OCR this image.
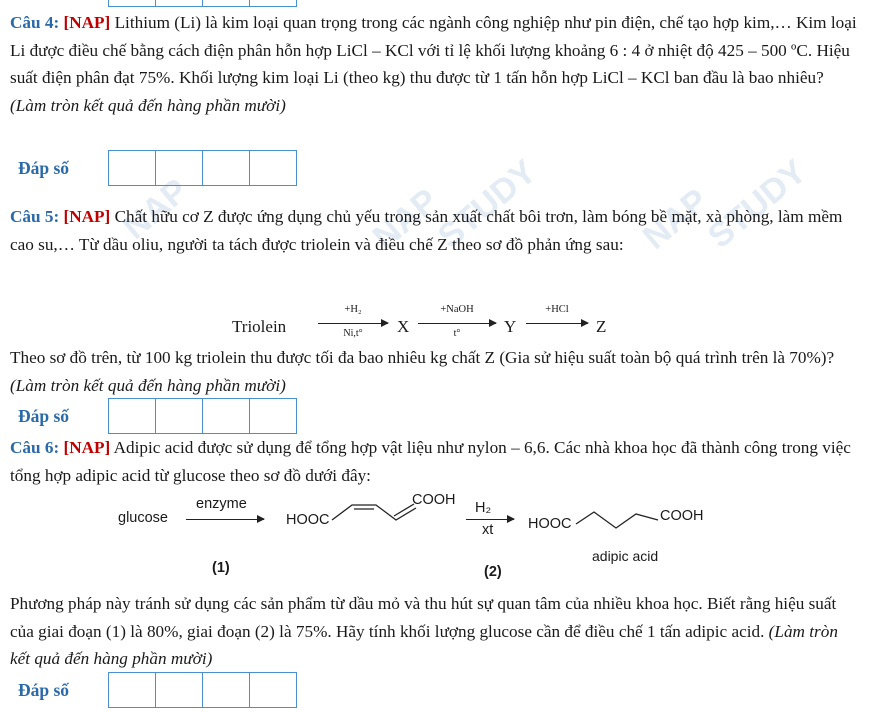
NAP	NAP
STUDY	NAP
STUDY
Câu 4: [NAP] Lithium (Li) là kim loại quan trọng trong các ngành công nghiệp như pin điện, chế tạo hợp kim,… Kim loại Li được điều chế bằng cách điện phân hỗn hợp LiCl – KCl với tỉ lệ khối lượng khoảng 6 : 4 ở nhiệt độ 425 – 500 ºC. Hiệu suất điện phân đạt 75%. Khối lượng kim loại Li (theo kg) thu được từ 1 tấn hỗn hợp LiCl – KCl ban đầu là bao nhiêu? (Làm tròn kết quả đến hàng phần mười)
Đáp số
Câu 5: [NAP] Chất hữu cơ Z được ứng dụng chủ yếu trong sản xuất chất bôi trơn, làm bóng bề mặt, xà phòng, làm mềm cao su,… Từ dầu oliu, người ta tách được triolein và điều chế Z theo sơ đồ phản ứng sau:
Triolein
+H₂
Ni,t°	X
+NaOH
t°	Y
+HCl
→ Z
Theo sơ đồ trên, từ 100 kg triolein thu được tối đa bao nhiêu kg chất Z (Gia sử hiệu suất toàn bộ quá trình trên là 70%)? (Làm tròn kết quả đến hàng phần mười)
Đáp số
Câu 6: [NAP] Adipic acid được sử dụng để tổng hợp vật liệu như nylon – 6,6. Các nhà khoa học đã thành công trong việc tổng hợp adipic acid từ glucose theo sơ đồ dưới đây:
glucose
enzyme
HOOC
COOH H₂
xt HOOC	COOH
adipic acid
(1)	(2)
Phương pháp này tránh sử dụng các sản phẩm từ dầu mỏ và thu hút sự quan tâm của nhiều khoa học. Biết rằng hiệu suất của giai đoạn (1) là 80%, giai đoạn (2) là 75%. Hãy tính khối lượng glucose cần để điều chế 1 tấn adipic acid. (Làm tròn kết quả đến hàng phần mười)
Đáp số
